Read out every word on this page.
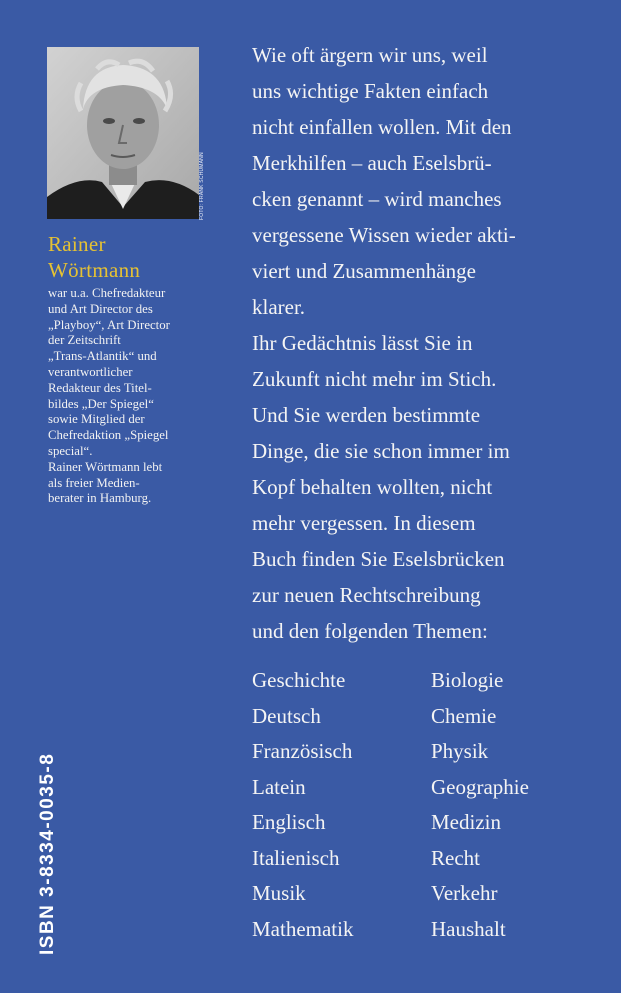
FOTO: FRANK SCHUMANN
Rainer
Wörtmann
war u.a. Chefredakteur
und Art Director des
„Playboy“, Art Director
der Zeitschrift
„Trans-Atlantik“ und
verantwortlicher
Redakteur des Titel-
bildes „Der Spiegel“
sowie Mitglied der
Chefredaktion „Spiegel
special“.
Rainer Wörtmann lebt
als freier Medien-
berater in Hamburg.
ISBN 3-8334-0035-8
Wie oft ärgern wir uns, weil
uns wichtige Fakten einfach
nicht einfallen wollen. Mit den
Merkhilfen – auch Eselsbrü-
cken genannt – wird manches
vergessene Wissen wieder akti-
viert und Zusammenhänge
klarer.
Ihr Gedächtnis lässt Sie in
Zukunft nicht mehr im Stich.
Und Sie werden bestimmte
Dinge, die sie schon immer im
Kopf behalten wollten, nicht
mehr vergessen. In diesem
Buch finden Sie Eselsbrücken
zur neuen Rechtschreibung
und den folgenden Themen:
Geschichte
Deutsch
Französisch
Latein
Englisch
Italienisch
Musik
Mathematik
Biologie
Chemie
Physik
Geographie
Medizin
Recht
Verkehr
Haushalt
